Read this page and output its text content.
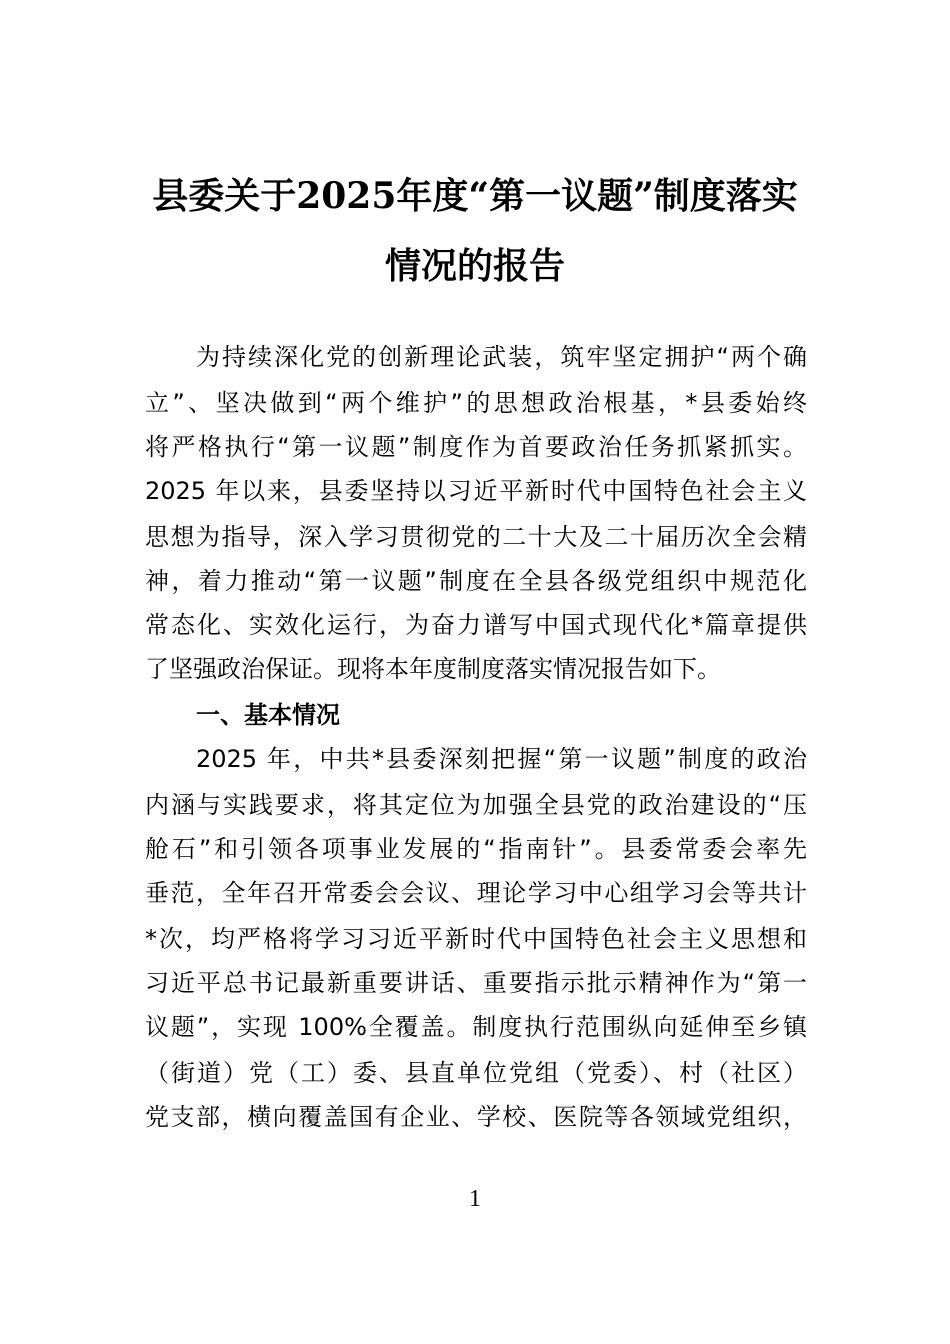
县委关于2025年度“第一议题”制度落实
情况的报告
为持续深化党的创新理论武装，筑牢坚定拥护“两个确
立”、坚决做到“两个维护”的思想政治根基，*县委始终
将严格执行“第一议题”制度作为首要政治任务抓紧抓实。
2025 年以来，县委坚持以习近平新时代中国特色社会主义
思想为指导，深入学习贯彻党的二十大及二十届历次全会精
神，着力推动“第一议题”制度在全县各级党组织中规范化
常态化、实效化运行，为奋力谱写中国式现代化*篇章提供
了坚强政治保证。现将本年度制度落实情况报告如下。
一、基本情况
2025 年，中共*县委深刻把握“第一议题”制度的政治
内涵与实践要求，将其定位为加强全县党的政治建设的“压
舱石”和引领各项事业发展的“指南针”。县委常委会率先
垂范，全年召开常委会会议、理论学习中心组学习会等共计
*次，均严格将学习习近平新时代中国特色社会主义思想和
习近平总书记最新重要讲话、重要指示批示精神作为“第一
议题”，实现 100%全覆盖。制度执行范围纵向延伸至乡镇
（街道）党（工）委、县直单位党组（党委）、村（社区）
党支部，横向覆盖国有企业、学校、医院等各领域党组织，
1
